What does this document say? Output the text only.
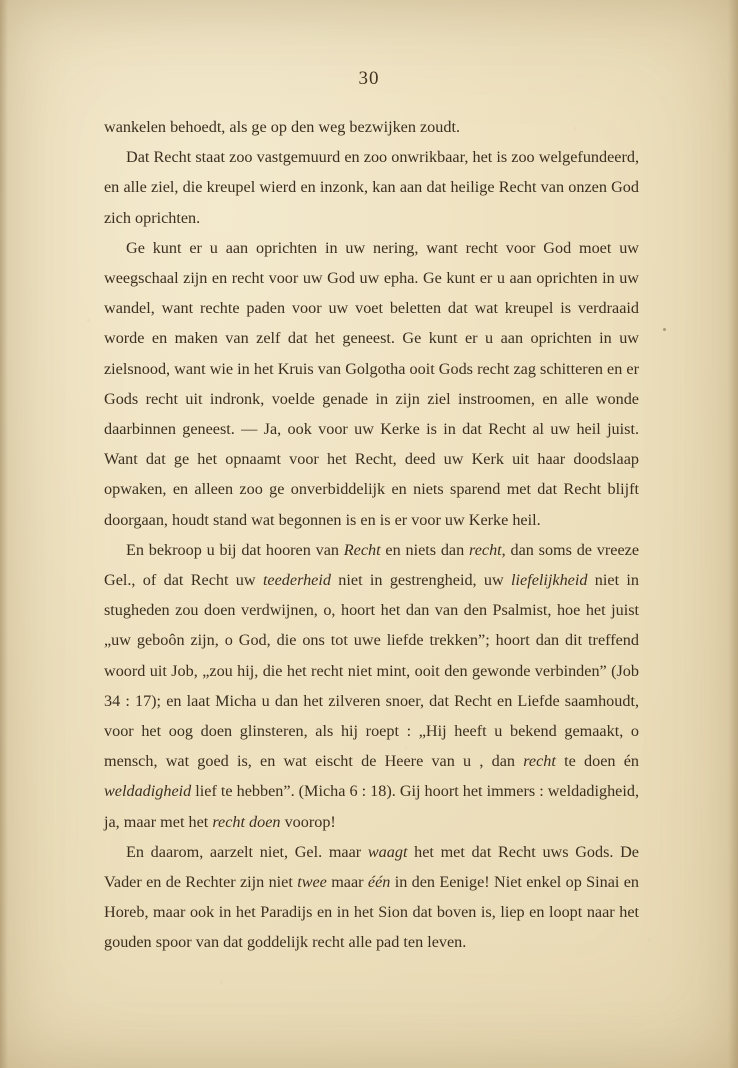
30

wankelen behoedt, als ge op den weg bezwijken zoudt.

Dat Recht staat zoo vastgemuurd en zoo onwrikbaar, het is zoo welgefundeerd, en alle ziel, die kreupel wierd en inzonk, kan aan dat heilige Recht van onzen God zich oprichten.

Ge kunt er u aan oprichten in uw nering, want recht voor God moet uw weegschaal zijn en recht voor uw God uw epha. Ge kunt er u aan oprichten in uw wandel, want rechte paden voor uw voet beletten dat wat kreupel is verdraaid worde en maken van zelf dat het geneest. Ge kunt er u aan oprichten in uw zielsnood, want wie in het Kruis van Golgotha ooit Gods recht zag schitteren en er Gods recht uit indronk, voelde genade in zijn ziel instroomen, en alle wonde daarbinnen geneest. — Ja, ook voor uw Kerke is in dat Recht al uw heil juist. Want dat ge het opnaamt voor het Recht, deed uw Kerk uit haar doodslaap opwaken, en alleen zoo ge onverbiddelijk en niets sparend met dat Recht blijft doorgaan, houdt stand wat begonnen is en is er voor uw Kerke heil.

En bekroop u bij dat hooren van Recht en niets dan recht, dan soms de vreeze Gel., of dat Recht uw teederheid niet in gestrengheid, uw liefelijkheid niet in stugheden zou doen verdwijnen, o, hoort het dan van den Psalmist, hoe het juist „uw geboôn zijn, o God, die ons tot uwe liefde trekken”; hoort dan dit treffend woord uit Job, „zou hij, die het recht niet mint, ooit den gewonde verbinden” (Job 34 : 17); en laat Micha u dan het zilveren snoer, dat Recht en Liefde saamhoudt, voor het oog doen glinsteren, als hij roept : „Hij heeft u bekend gemaakt, o mensch, wat goed is, en wat eischt de Heere van u , dan recht te doen én weldadigheid lief te hebben”. (Micha 6 : 18). Gij hoort het immers : weldadigheid, ja, maar met het recht doen voorop!

En daarom, aarzelt niet, Gel. maar waagt het met dat Recht uws Gods. De Vader en de Rechter zijn niet twee maar één in den Eenige! Niet enkel op Sinai en Horeb, maar ook in het Paradijs en in het Sion dat boven is, liep en loopt naar het gouden spoor van dat goddelijk recht alle pad ten leven.
